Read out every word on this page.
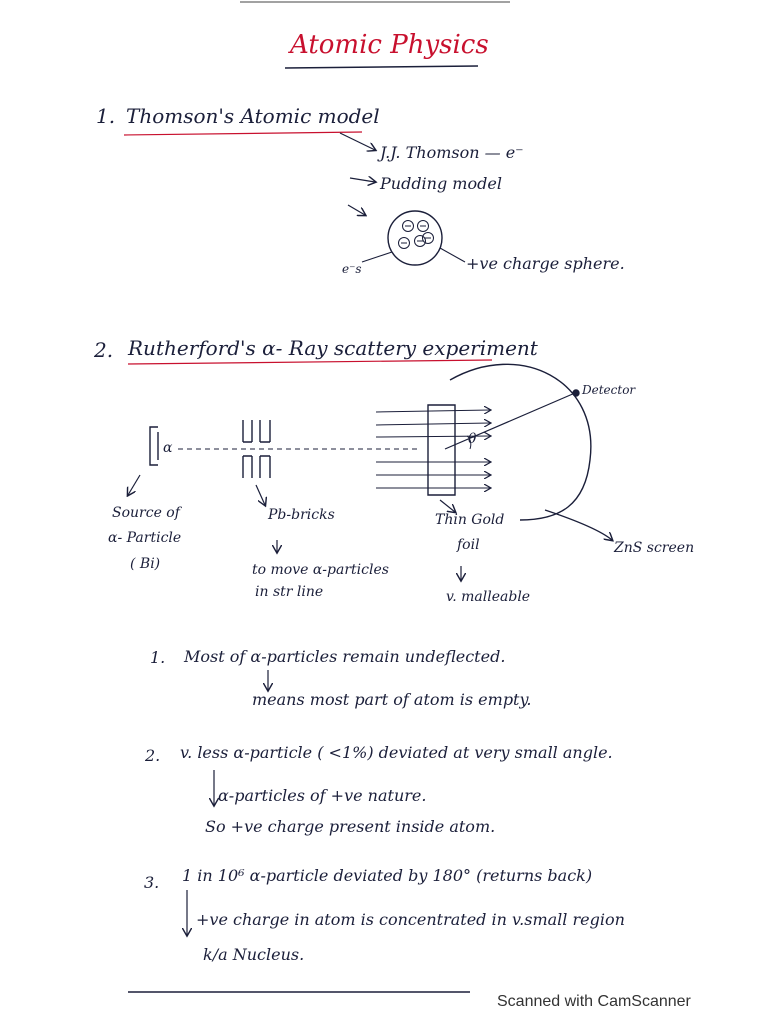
Atomic Physics
1. Thomson's Atomic model
J.J. Thomson — e⁻
Pudding model
e⁻s	+ve charge sphere.
2. Rutherford's α- Ray scattery experiment
α
θ
Detector
Source of
α- Particle
( Bi)
Pb-bricks
to move α-particles
in str line
Thin Gold
foil
v. malleable
ZnS screen
1. Most of α-particles remain undeflected.
means most part of atom is empty.
2. v. less α-particle ( <1%) deviated at very small angle.
α-particles of +ve nature.
So +ve charge present inside atom.
3. 1 in 10⁶ α-particle deviated by 180° (returns back)
+ve charge in atom is concentrated in v.small region
k/a Nucleus.
Scanned with CamScanner
